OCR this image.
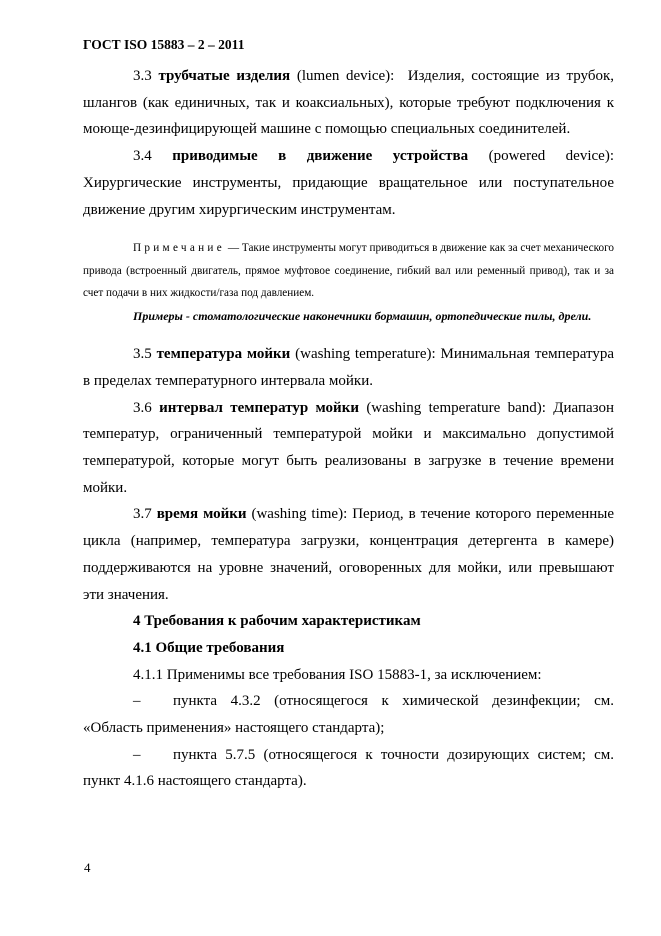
ГОСТ ISO 15883 – 2 – 2011

3.3 трубчатые изделия (lumen device): Изделия, состоящие из трубок, шлангов (как единичных, так и коаксиальных), которые требуют подключения к моюще-дезинфицирующей машине с помощью специальных соединителей.

3.4 приводимые в движение устройства (powered device): Хирургические инструменты, придающие вращательное или поступательное движение другим хирургическим инструментам.

Примечание — Такие инструменты могут приводиться в движение как за счет механического привода (встроенный двигатель, прямое муфтовое соединение, гибкий вал или ременный привод), так и за счет подачи в них жидкости/газа под давлением.

Примеры - стоматологические наконечники бормашин, ортопедические пилы, дрели.

3.5 температура мойки (washing temperature): Минимальная температура в пределах температурного интервала мойки.

3.6 интервал температур мойки (washing temperature band): Диапазон температур, ограниченный температурой мойки и максимально допустимой температурой, которые могут быть реализованы в загрузке в течение времени мойки.

3.7 время мойки (washing time): Период, в течение которого переменные цикла (например, температура загрузки, концентрация детергента в камере) поддерживаются на уровне значений, оговоренных для мойки, или превышают эти значения.

4 Требования к рабочим характеристикам

4.1 Общие требования

4.1.1 Применимы все требования ISO 15883-1, за исключением:

– пункта 4.3.2 (относящегося к химической дезинфекции; см. «Область применения» настоящего стандарта);

– пункта 5.7.5 (относящегося к точности дозирующих систем; см. пункт 4.1.6 настоящего стандарта).

4
